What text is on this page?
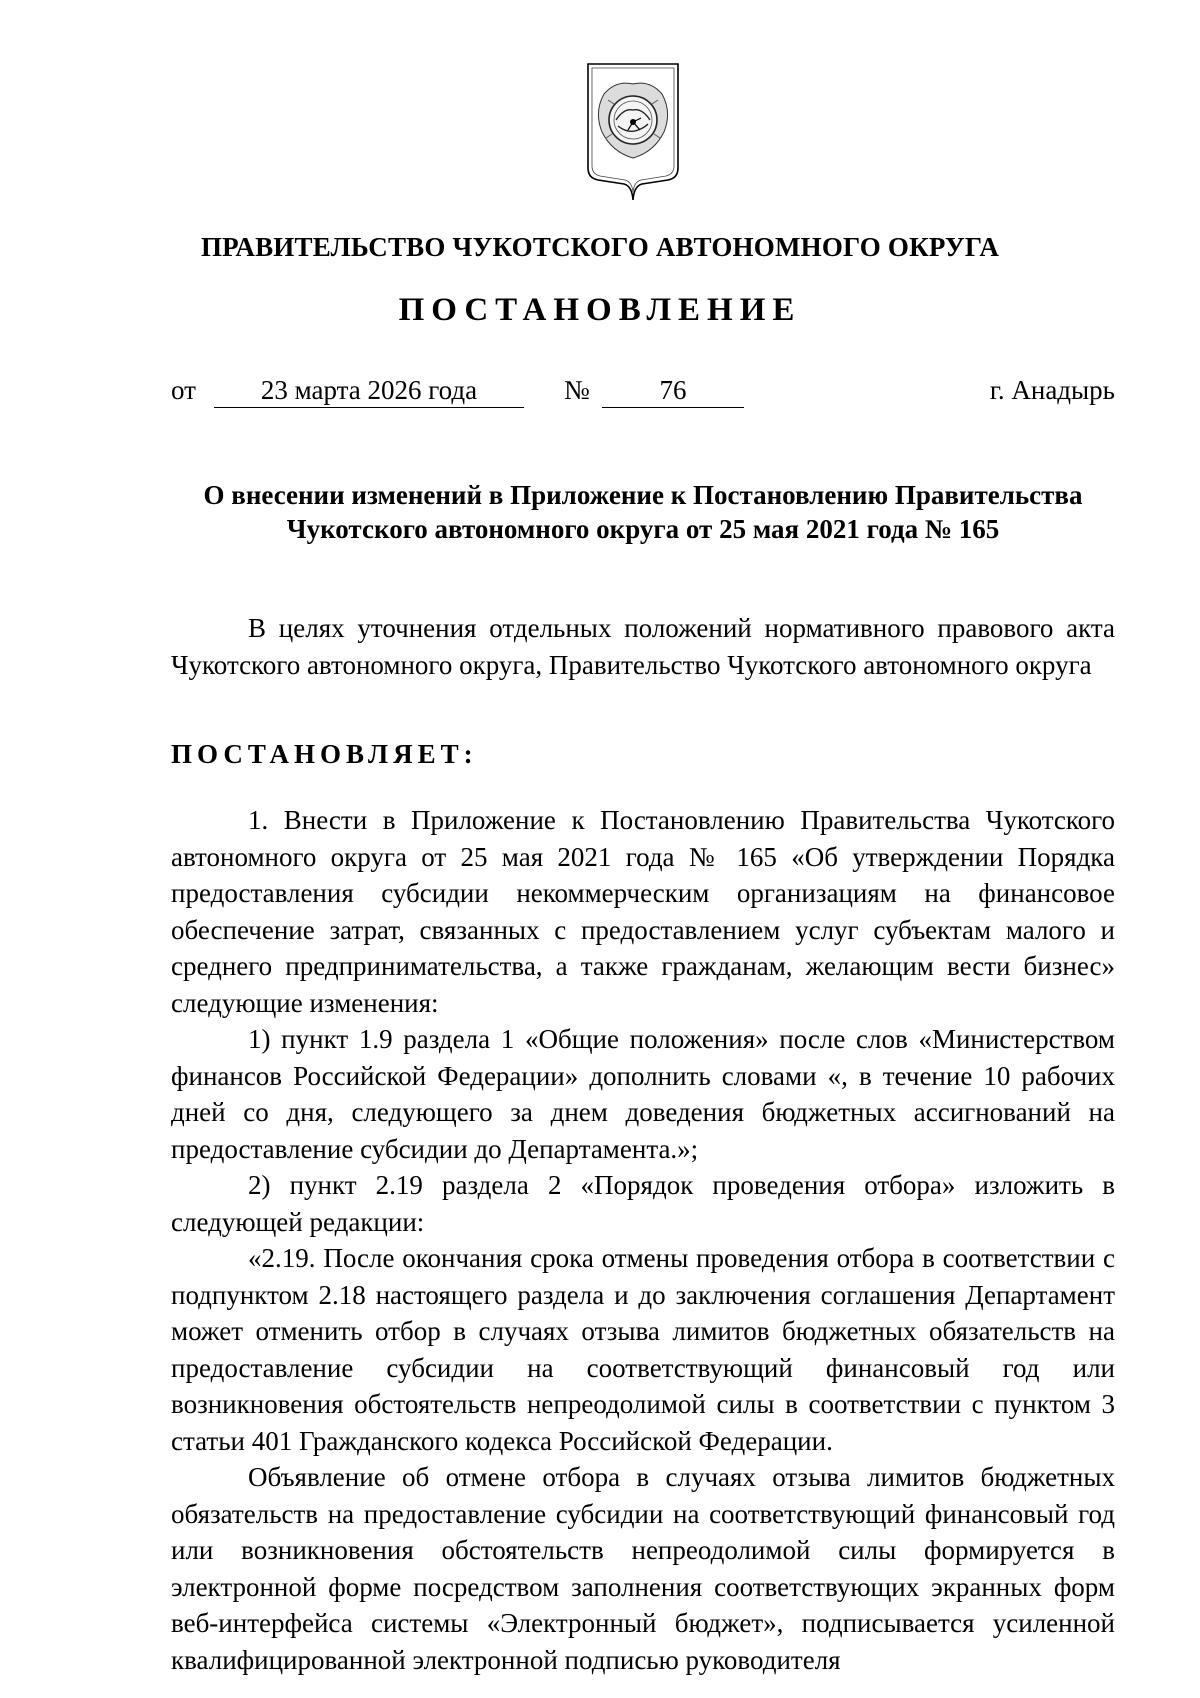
ПРАВИТЕЛЬСТВО ЧУКОТСКОГО АВТОНОМНОГО ОКРУГА
ПОСТАНОВЛЕНИЕ
от	23 марта 2026 года	№	76	г. Анадырь
О внесении изменений в Приложение к Постановлению Правительства
Чукотского автономного округа от 25 мая 2021 года № 165

В целях уточнения отдельных положений нормативного правового акта Чукотского автономного округа, Правительство Чукотского автономного округа

ПОСТАНОВЛЯЕТ:

1. Внести в Приложение к Постановлению Правительства Чукотского автономного округа от 25 мая 2021 года № 165 «Об утверждении Порядка предоставления субсидии некоммерческим организациям на финансовое обеспечение затрат, связанных с предоставлением услуг субъектам малого и среднего предпринимательства, а также гражданам, желающим вести бизнес» следующие изменения:

1) пункт 1.9 раздела 1 «Общие положения» после слов «Министерством финансов Российской Федерации» дополнить словами «, в течение 10 рабочих дней со дня, следующего за днем доведения бюджетных ассигнований на предоставление субсидии до Департамента.»;

2) пункт 2.19 раздела 2 «Порядок проведения отбора» изложить в следующей редакции:

«2.19. После окончания срока отмены проведения отбора в соответствии с подпунктом 2.18 настоящего раздела и до заключения соглашения Департамент может отменить отбор в случаях отзыва лимитов бюджетных обязательств на предоставление субсидии на соответствующий финансовый год или возникновения обстоятельств непреодолимой силы в соответствии с пунктом 3 статьи 401 Гражданского кодекса Российской Федерации.

Объявление об отмене отбора в случаях отзыва лимитов бюджетных обязательств на предоставление субсидии на соответствующий финансовый год или возникновения обстоятельств непреодолимой силы формируется в электронной форме посредством заполнения соответствующих экранных форм веб-интерфейса системы «Электронный бюджет», подписывается усиленной квалифицированной электронной подписью руководителя
